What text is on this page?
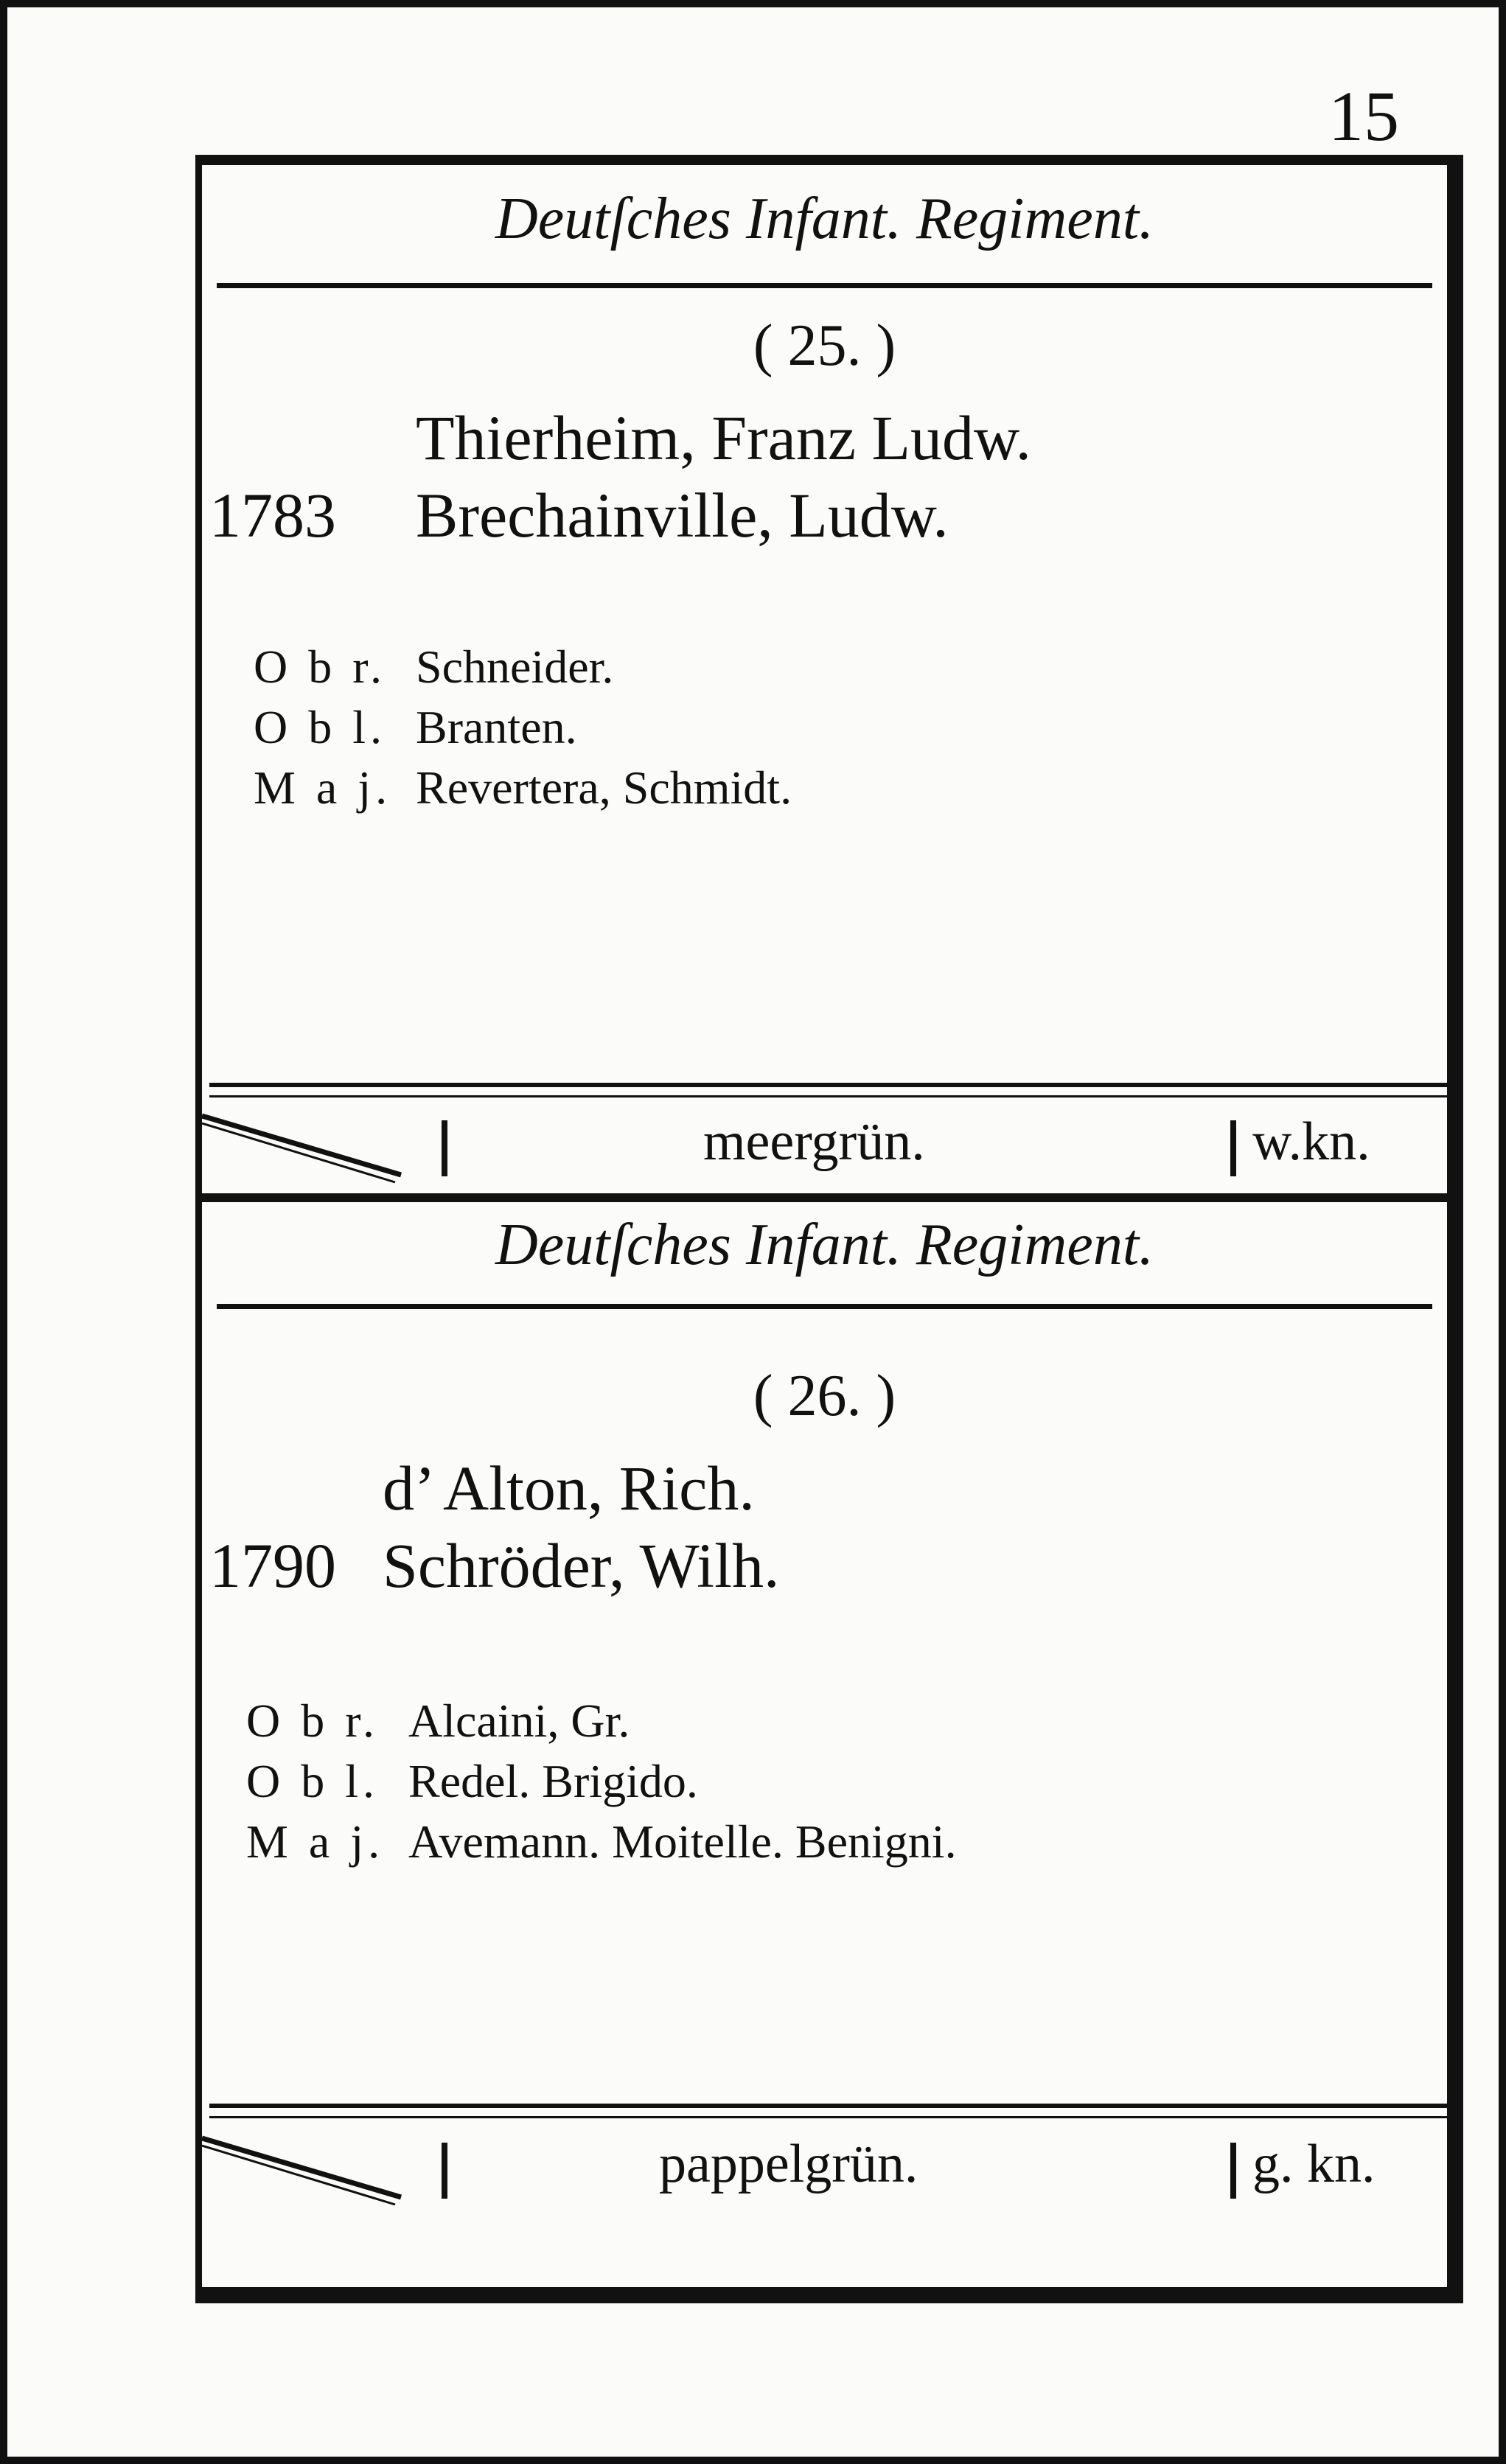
15
Deutſches Infant. Regiment.
( 25. )
Thierheim, Franz Ludw.
1783 Brechainville, Ludw.
O b r. Schneider.
O b l. Branten.
M a j. Revertera, Schmidt.
meergrün.	w.kn.
Deutſches Infant. Regiment.
( 26. )
d’ Alton, Rich.
1790 Schröder, Wilh.
O b r. Alcaini, Gr.
O b l. Redel. Brigido.
M a j. Avemann. Moitelle. Benigni.
pappelgrün.	g. kn.
